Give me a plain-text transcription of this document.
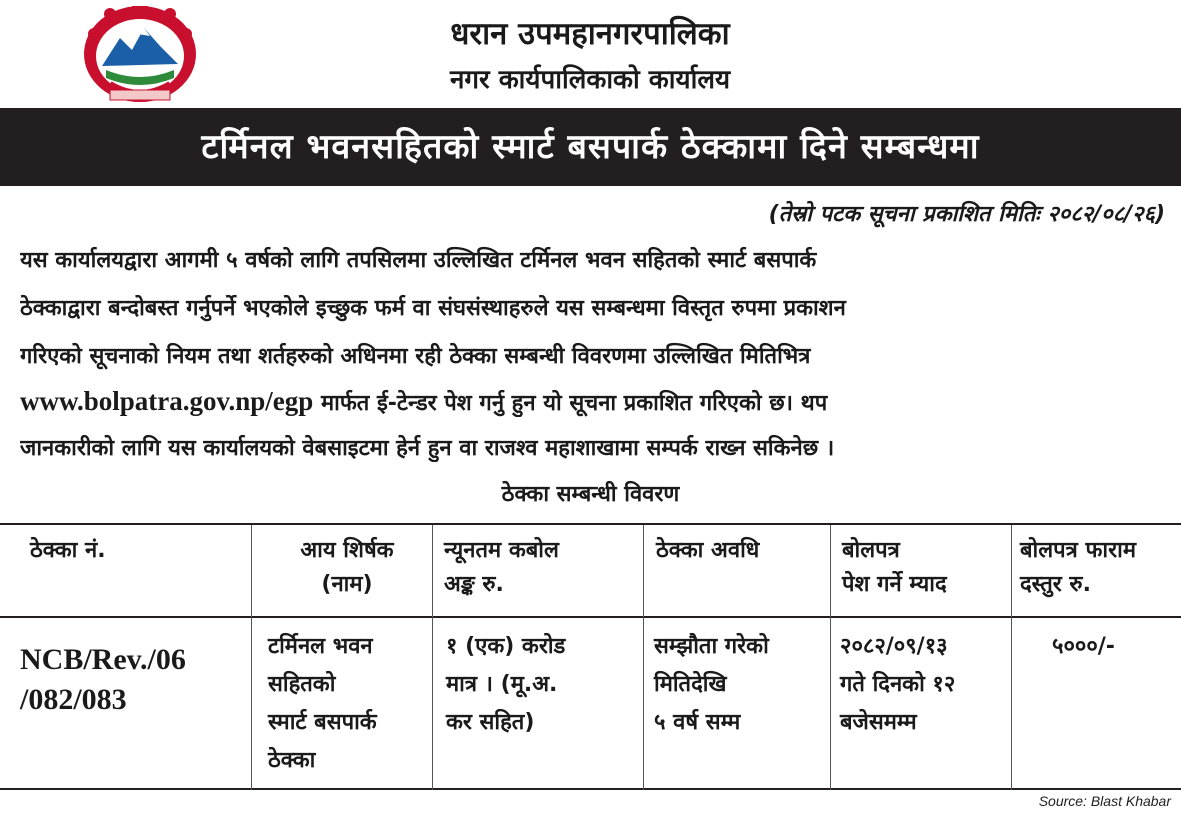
धरान उपमहानगरपालिका
नगर कार्यपालिकाको कार्यालय
टर्मिनल भवनसहितको स्मार्ट बसपार्क ठेक्कामा दिने सम्बन्धमा
(तेस्रो पटक सूचना प्रकाशित मितिः २०८२/०८/२६)
यस कार्यालयद्वारा आगमी ५ वर्षको लागि तपसिलमा उल्लिखित टर्मिनल भवन सहितको स्मार्ट बसपार्क
ठेक्काद्वारा बन्दोबस्त गर्नुपर्ने भएकोले इच्छुक फर्म वा संघसंस्थाहरुले यस सम्बन्धमा विस्तृत रुपमा प्रकाशन
गरिएको सूचनाको नियम तथा शर्तहरुको अधिनमा रही ठेक्का सम्बन्धी विवरणमा उल्लिखित मितिभित्र
www.bolpatra.gov.np/egp मार्फत ई-टेन्डर पेश गर्नु हुन यो सूचना प्रकाशित गरिएको छ। थप
जानकारीको लागि यस कार्यालयको वेबसाइटमा हेर्न हुन वा राजश्व महाशाखामा सम्पर्क राख्न सकिनेछ ।
ठेक्का सम्बन्धी विवरण
ठेक्का नं.	आय शिर्षक
(नाम)
न्यूनतम कबोल
अङ्क रु.
ठेक्का अवधि	बोलपत्र
पेश गर्ने म्याद
बोलपत्र फाराम
दस्तुर रु.
NCB/Rev./06
/082/083
टर्मिनल भवन
सहितको
स्मार्ट बसपार्क
ठेक्का
१ (एक) करोड
मात्र । (मू.अ.
कर सहित)
सम्झौता गरेको
मितिदेखि
५ वर्ष सम्म
२०८२/०९/१३
गते दिनको १२
बजेसमम्म
५०००/-
Source: Blast Khabar
